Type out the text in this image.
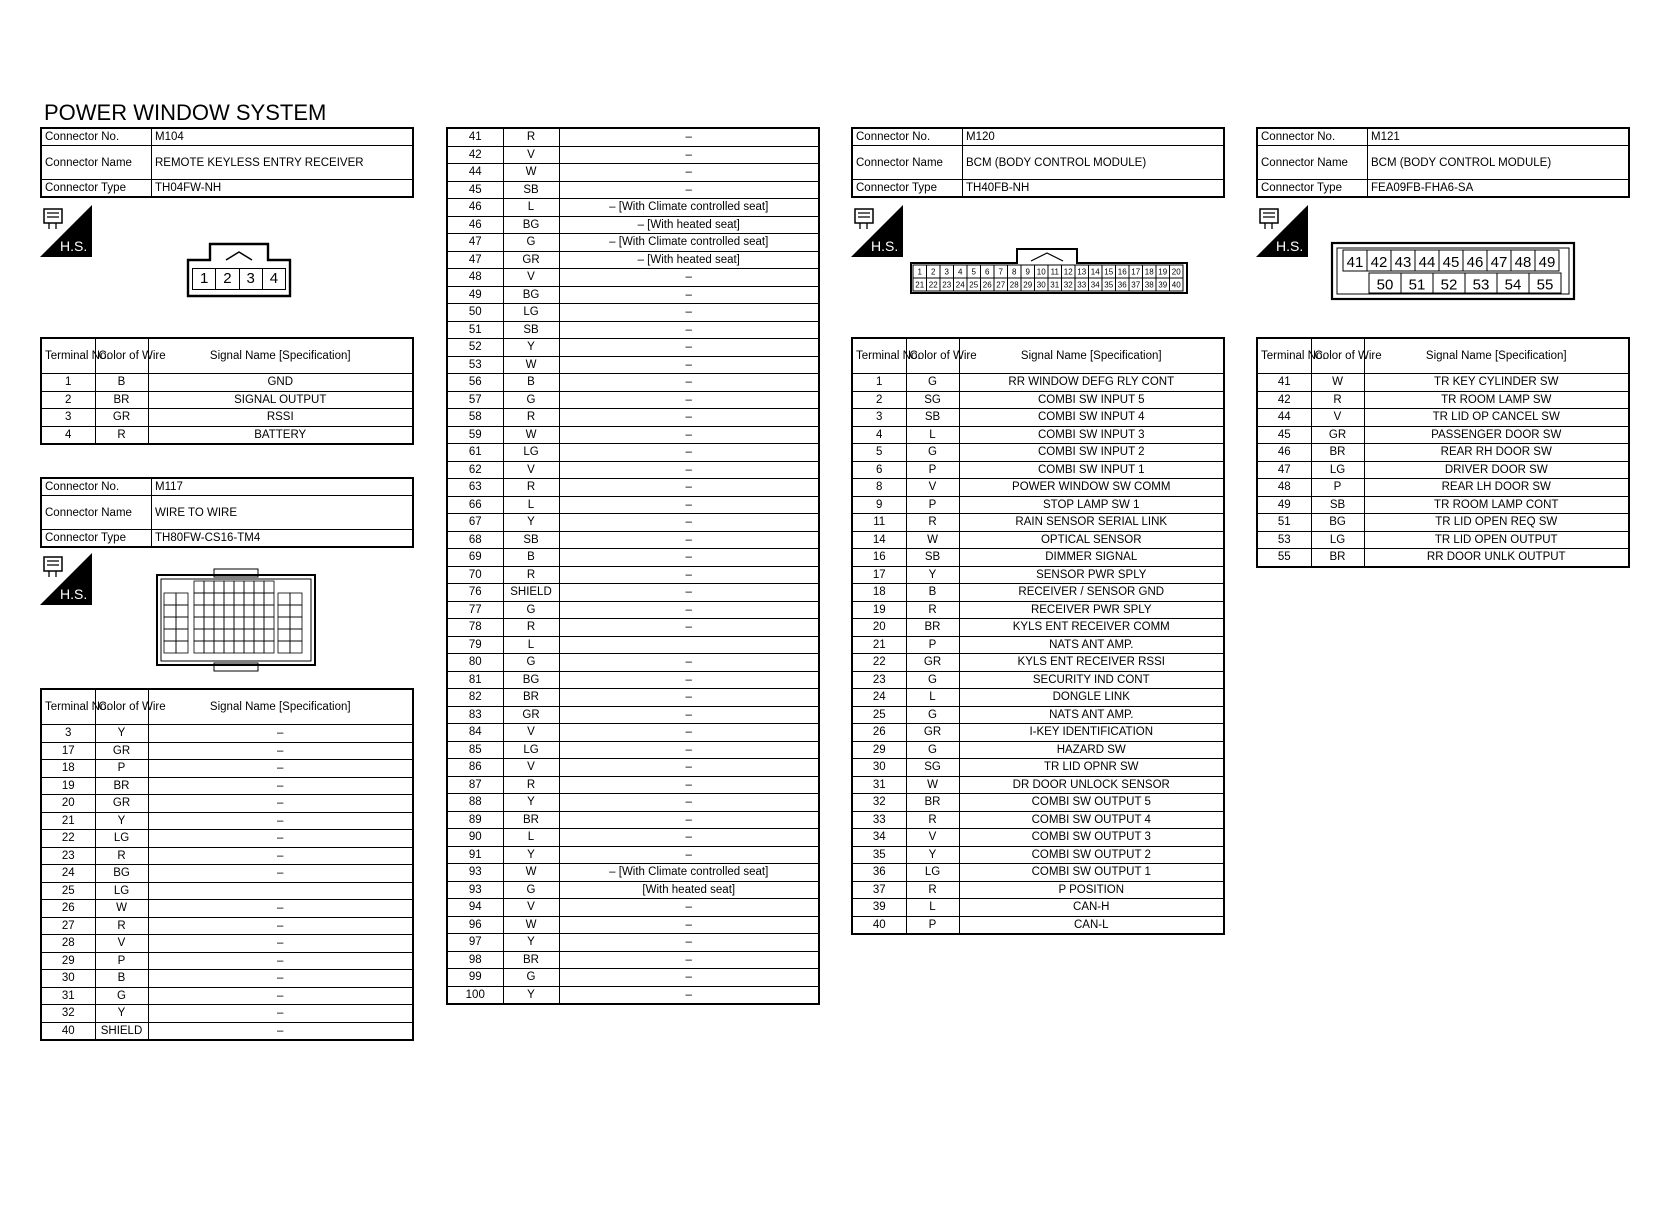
POWER WINDOW SYSTEM
Connector No.	M104
Connector Name	REMOTE KEYLESS ENTRY RECEIVER
Connector Type	TH04FW-NH
H.S.
1	2	3	4
Terminal No.	Color of Wire	Signal Name [Specification]
1	B	GND
2	BR	SIGNAL OUTPUT
3	GR	RSSI
4	R	BATTERY
Connector No.	M117
Connector Name	WIRE TO WIRE
Connector Type	TH80FW-CS16-TM4
H.S.
Terminal No.	Color of Wire	Signal Name [Specification]
3	Y	–
17	GR	–
18	P	–
19	BR	–
20	GR	–
21	Y	–
22	LG	–
23	R	–
24	BG	–
25	LG	
26	W	–
27	R	–
28	V	–
29	P	–
30	B	–
31	G	–
32	Y	–
40	SHIELD	–
41	R	–
42	V	–
44	W	–
45	SB	–
46	L	– [With Climate controlled seat]
46	BG	– [With heated seat]
47	G	– [With Climate controlled seat]
47	GR	– [With heated seat]
48	V	–
49	BG	–
50	LG	–
51	SB	–
52	Y	–
53	W	–
56	B	–
57	G	–
58	R	–
59	W	–
61	LG	–
62	V	–
63	R	–
66	L	–
67	Y	–
68	SB	–
69	B	–
70	R	–
76	SHIELD	–
77	G	–
78	R	–
79	L	
80	G	–
81	BG	–
82	BR	–
83	GR	–
84	V	–
85	LG	–
86	V	–
87	R	–
88	Y	–
89	BR	–
90	L	–
91	Y	–
93	W	– [With Climate controlled seat]
93	G	[With heated seat]
94	V	–
96	W	–
97	Y	–
98	BR	–
99	G	–
100	Y	–
Connector No.	M120
Connector Name	BCM (BODY CONTROL MODULE)
Connector Type	TH40FB-NH
H.S.
1 2 3 4 5 6 7 8 9 10 11 12 13 14 15 16 17 18 19 20
21 22 23 24 25 26 27 28 29 30 31 32 33 34 35 36 37 38 39 40
Terminal No.	Color of Wire	Signal Name [Specification]
1	G	RR WINDOW DEFG RLY CONT
2	SG	COMBI SW INPUT 5
3	SB	COMBI SW INPUT 4
4	L	COMBI SW INPUT 3
5	G	COMBI SW INPUT 2
6	P	COMBI SW INPUT 1
8	V	POWER WINDOW SW COMM
9	P	STOP LAMP SW 1
11	R	RAIN SENSOR SERIAL LINK
14	W	OPTICAL SENSOR
16	SB	DIMMER SIGNAL
17	Y	SENSOR PWR SPLY
18	B	RECEIVER / SENSOR GND
19	R	RECEIVER PWR SPLY
20	BR	KYLS ENT RECEIVER COMM
21	P	NATS ANT AMP.
22	GR	KYLS ENT RECEIVER RSSI
23	G	SECURITY IND CONT
24	L	DONGLE LINK
25	G	NATS ANT AMP.
26	GR	I-KEY IDENTIFICATION
29	G	HAZARD SW
30	SG	TR LID OPNR SW
31	W	DR DOOR UNLOCK SENSOR
32	BR	COMBI SW OUTPUT 5
33	R	COMBI SW OUTPUT 4
34	V	COMBI SW OUTPUT 3
35	Y	COMBI SW OUTPUT 2
36	LG	COMBI SW OUTPUT 1
37	R	P POSITION
39	L	CAN-H
40	P	CAN-L
Connector No.	M121
Connector Name	BCM (BODY CONTROL MODULE)
Connector Type	FEA09FB-FHA6-SA
H.S.
41 42 43 44 45 46 47 48 49
50 51 52 53 54 55
Terminal No.	Color of Wire	Signal Name [Specification]
41	W	TR KEY CYLINDER SW
42	R	TR ROOM LAMP SW
44	V	TR LID OP CANCEL SW
45	GR	PASSENGER DOOR SW
46	BR	REAR RH DOOR SW
47	LG	DRIVER DOOR SW
48	P	REAR LH DOOR SW
49	SB	TR ROOM LAMP CONT
51	BG	TR LID OPEN REQ SW
53	LG	TR LID OPEN OUTPUT
55	BR	RR DOOR UNLK OUTPUT
